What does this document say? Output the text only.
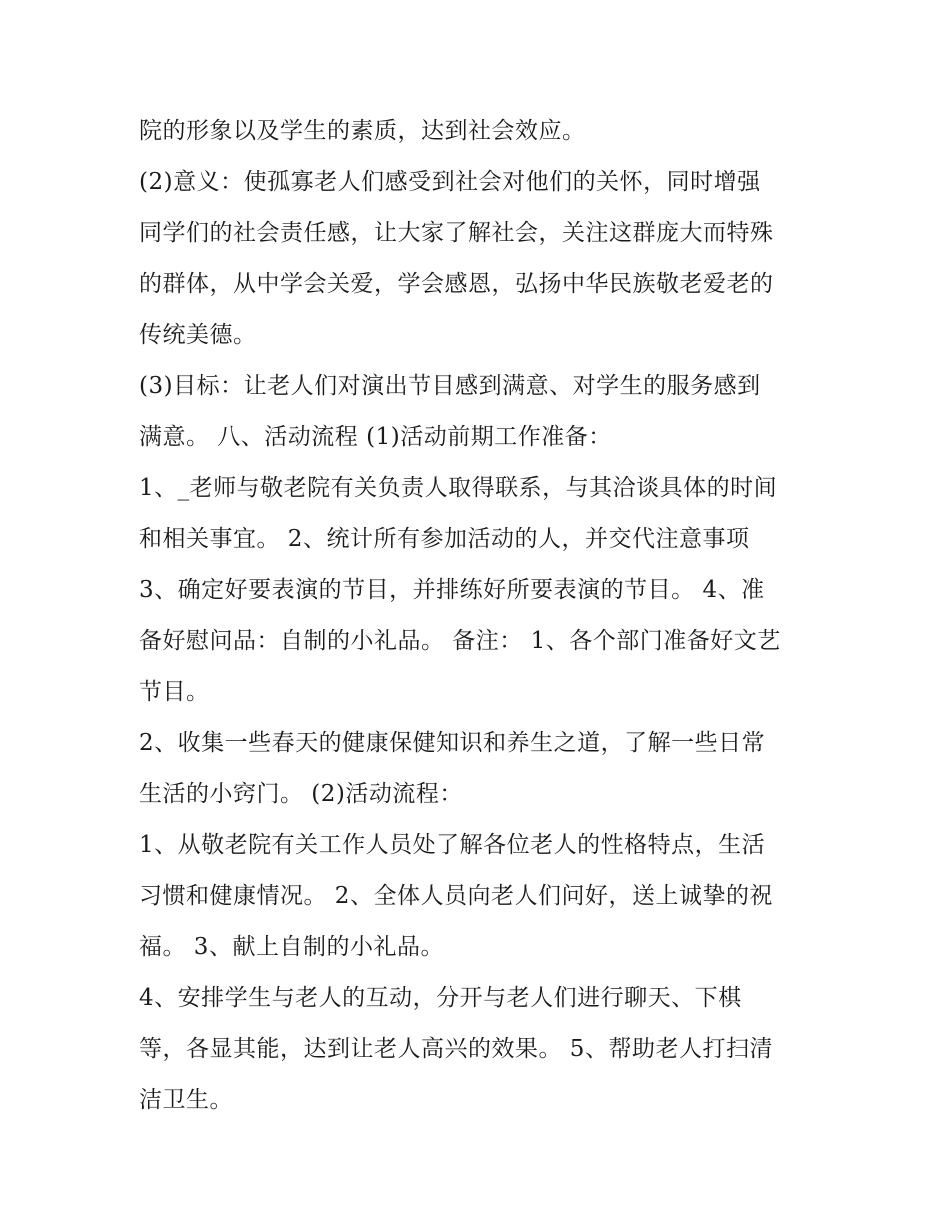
院的形象以及学生的素质，达到社会效应。
(2)意义：使孤寡老人们感受到社会对他们的关怀，同时增强
同学们的社会责任感，让大家了解社会，关注这群庞大而特殊
的群体，从中学会关爱，学会感恩，弘扬中华民族敬老爱老的
传统美德。
(3)目标：让老人们对演出节目感到满意、对学生的服务感到
满意。 八、活动流程 (1)活动前期工作准备：
1、_老师与敬老院有关负责人取得联系，与其洽谈具体的时间
和相关事宜。 2、统计所有参加活动的人，并交代注意事项
3、确定好要表演的节目，并排练好所要表演的节目。 4、准
备好慰问品：自制的小礼品。 备注： 1、各个部门准备好文艺
节目。
2、收集一些春天的健康保健知识和养生之道，了解一些日常
生活的小窍门。 (2)活动流程：
1、从敬老院有关工作人员处了解各位老人的性格特点，生活
习惯和健康情况。 2、全体人员向老人们问好，送上诚挚的祝
福。 3、献上自制的小礼品。
4、安排学生与老人的互动，分开与老人们进行聊天、下棋
等，各显其能，达到让老人高兴的效果。 5、帮助老人打扫清
洁卫生。
